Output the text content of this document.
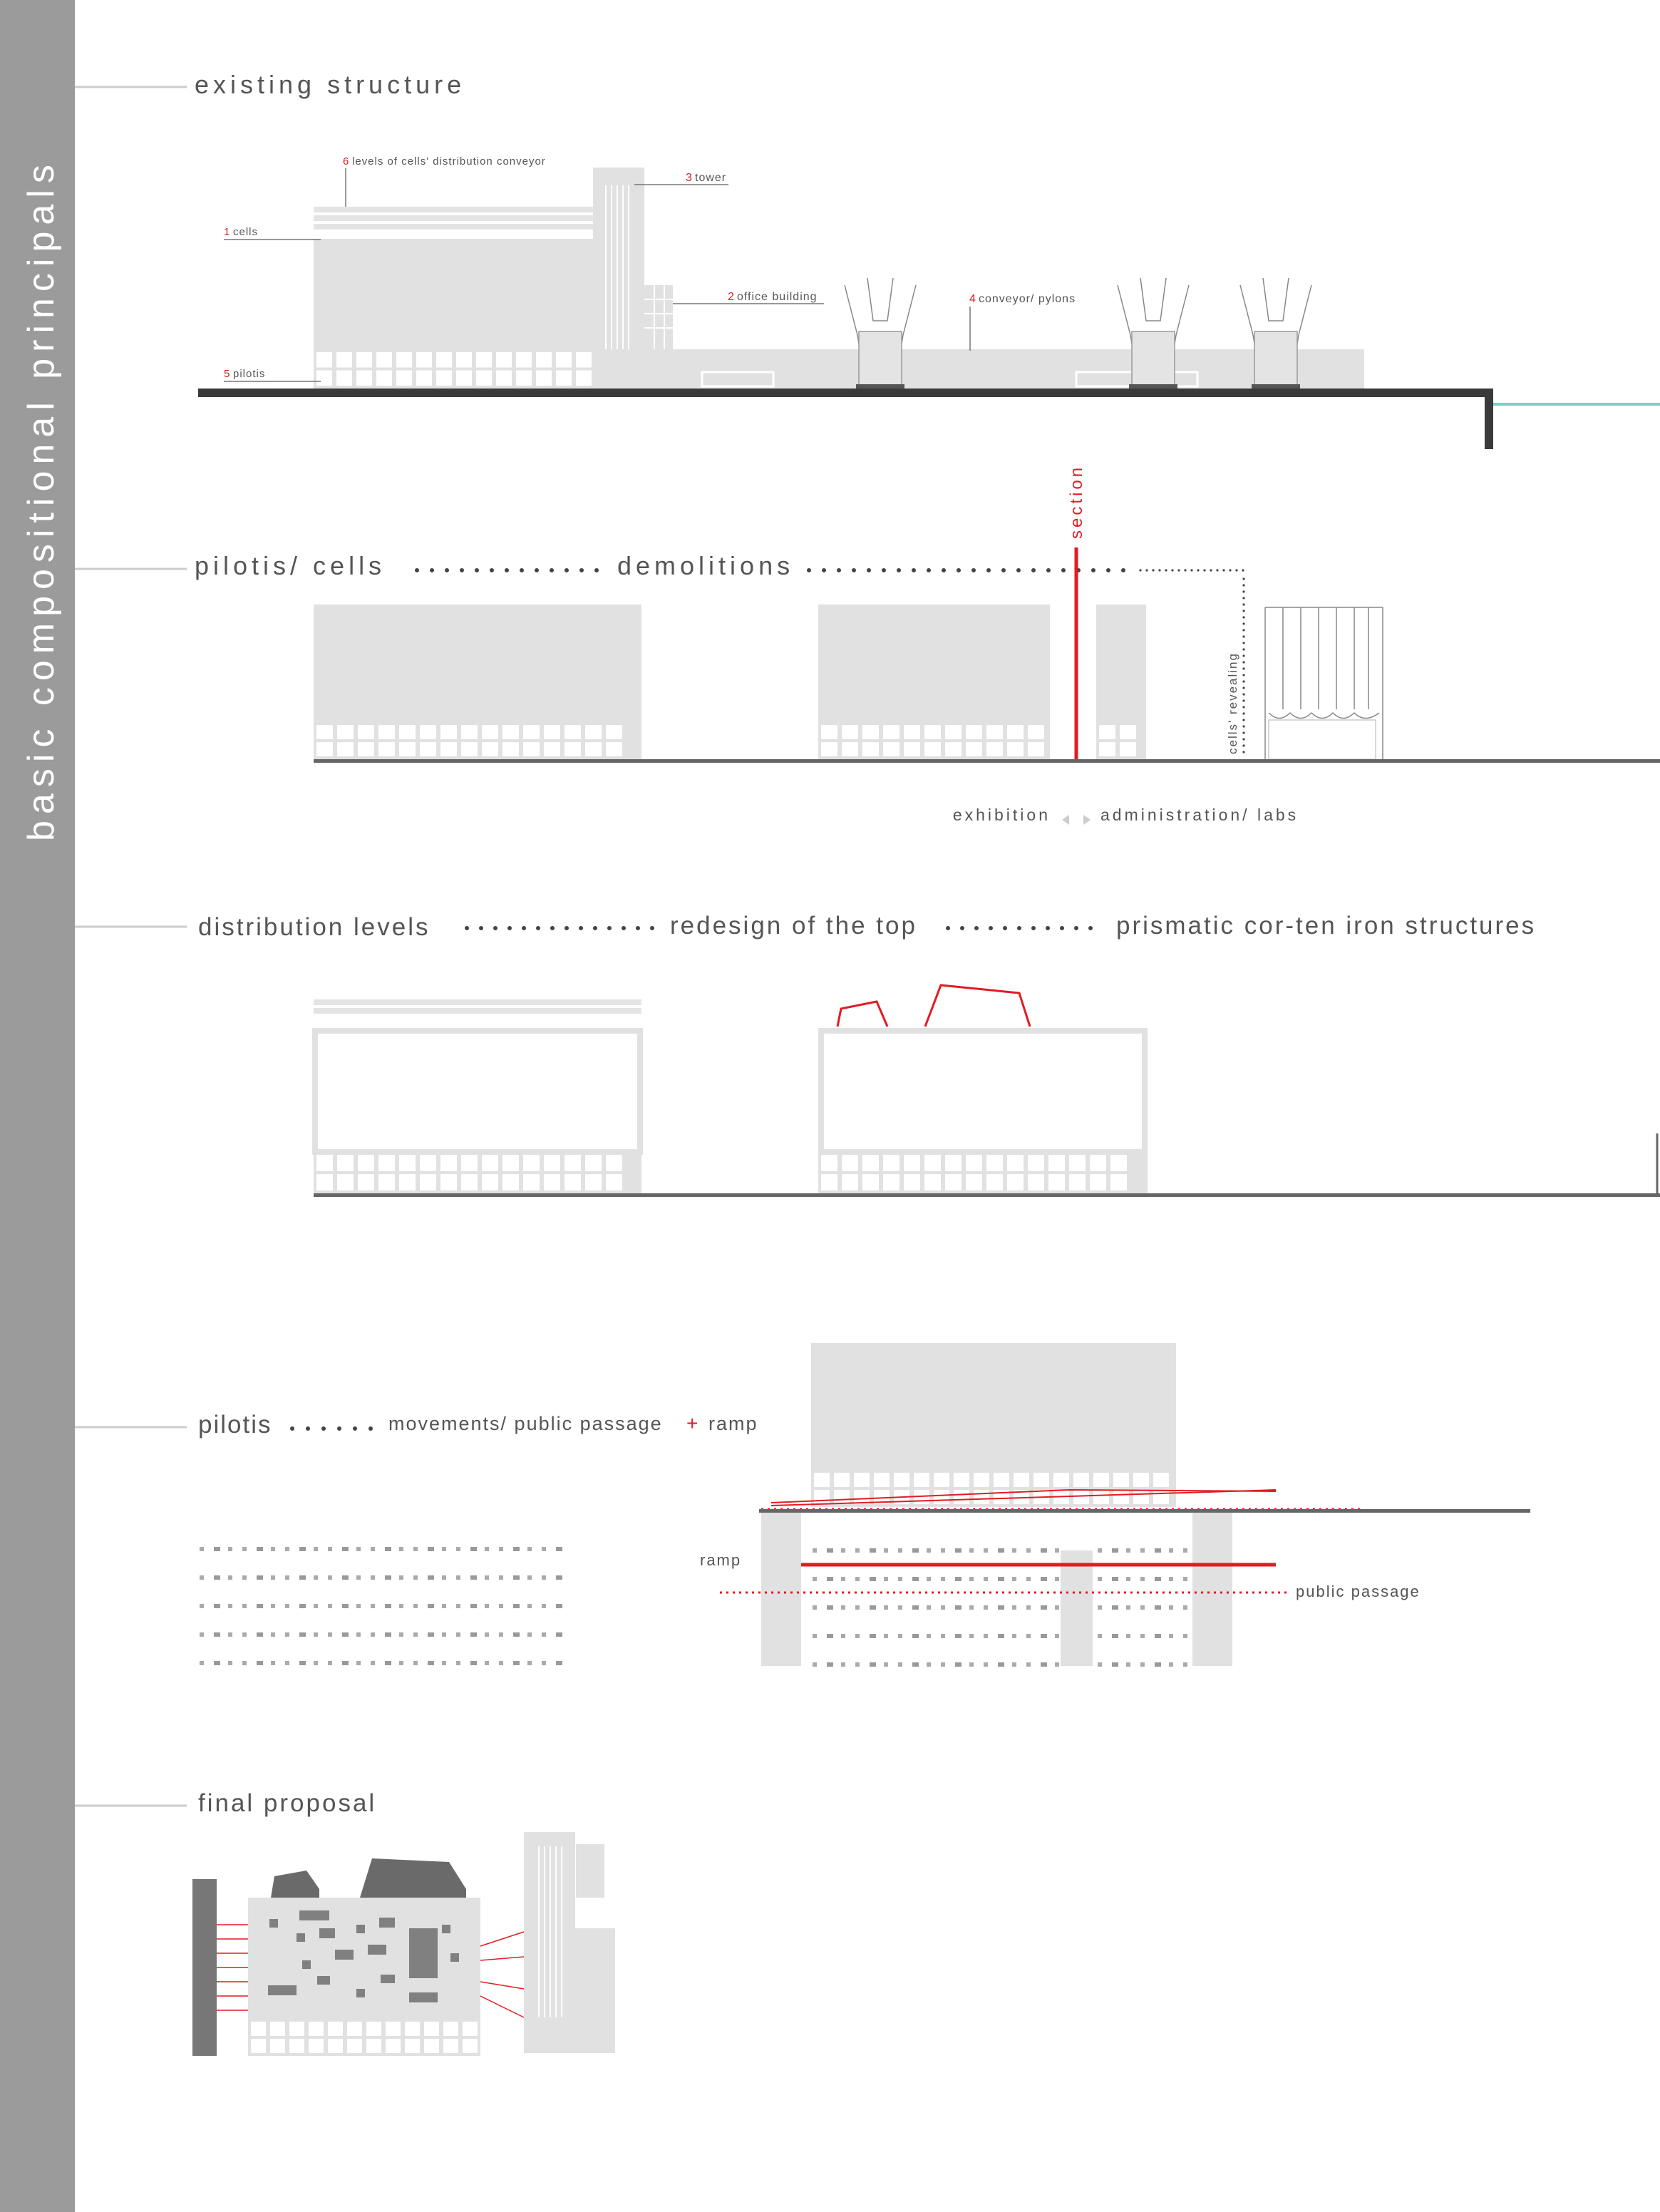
basic compositional principals
existing structure
6 levels of cells' distribution conveyor
3 tower
1 cells
2 office building	4 conveyor/ pylons
5 pilotis
pilotis/ cells	demolitions
section
cells' revealing
exhibition	administration/ labs
distribution levels	redesign of the top	prismatic cor-ten iron structures
pilotis	movements/ public passage + ramp
ramp
public passage
final proposal
